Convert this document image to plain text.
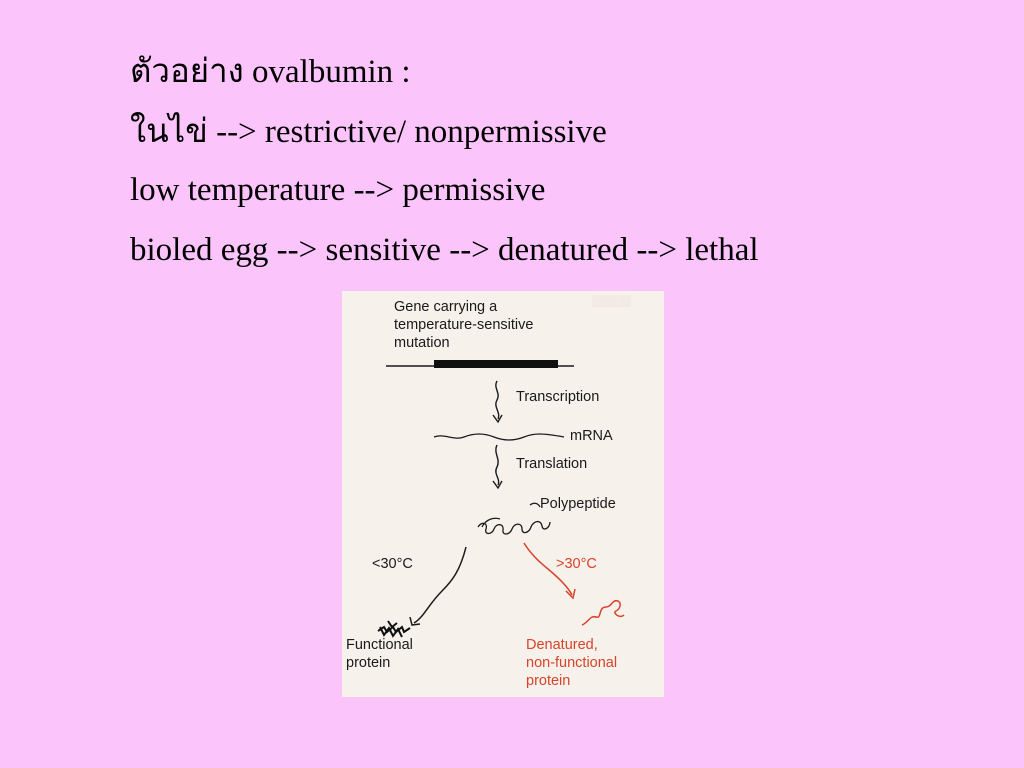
ตัวอย่าง ovalbumin :
ในไข่ --> restrictive/ nonpermissive
low temperature --> permissive
bioled egg --> sensitive --> denatured --> lethal
▒▒▒▒▒
Gene carrying a
temperature-sensitive
mutation
Transcription
mRNA
Translation
Polypeptide
<30°C	>30°C
Functional
protein
Denatured,
non-functional
protein
